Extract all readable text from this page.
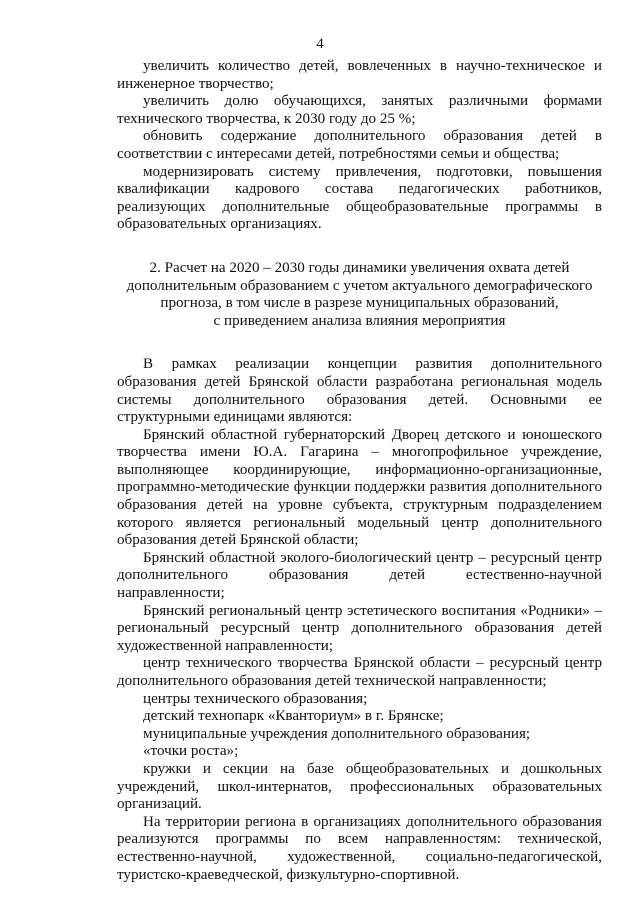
4

увеличить количество детей, вовлеченных в научно-техническое и инженерное творчество;

увеличить долю обучающихся, занятых различными формами технического творчества, к 2030 году до 25 %;

обновить содержание дополнительного образования детей в соответствии с интересами детей, потребностями семьи и общества;

модернизировать систему привлечения, подготовки, повышения квалификации кадрового состава педагогических работников, реализующих дополнительные общеобразовательные программы в образовательных организациях.

2. Расчет на 2020 – 2030 годы динамики увеличения охвата детей
дополнительным образованием с учетом актуального демографического
прогноза, в том числе в разрезе муниципальных образований,
с приведением анализа влияния мероприятия

В рамках реализации концепции развития дополнительного образования детей Брянской области разработана региональная модель системы дополнительного образования детей. Основными ее структурными единицами являются:

Брянский областной губернаторский Дворец детского и юношеского творчества имени Ю.А. Гагарина – многопрофильное учреждение, выполняющее координирующие, информационно-организационные, программно-методические функции поддержки развития дополнительного образования детей на уровне субъекта, структурным подразделением которого является региональный модельный центр дополнительного образования детей Брянской области;

Брянский областной эколого-биологический центр – ресурсный центр дополнительного образования детей естественно-научной направленности;

Брянский региональный центр эстетического воспитания «Родники» – региональный ресурсный центр дополнительного образования детей художественной направленности;

центр технического творчества Брянской области – ресурсный центр дополнительного образования детей технической направленности;

центры технического образования;

детский технопарк «Кванториум» в г. Брянске;

муниципальные учреждения дополнительного образования;

«точки роста»;

кружки и секции на базе общеобразовательных и дошкольных учреждений, школ-интернатов, профессиональных образовательных организаций.

На территории региона в организациях дополнительного образования реализуются программы по всем направленностям: технической, естественно-научной, художественной, социально-педагогической, туристско-краеведческой, физкультурно-спортивной.
